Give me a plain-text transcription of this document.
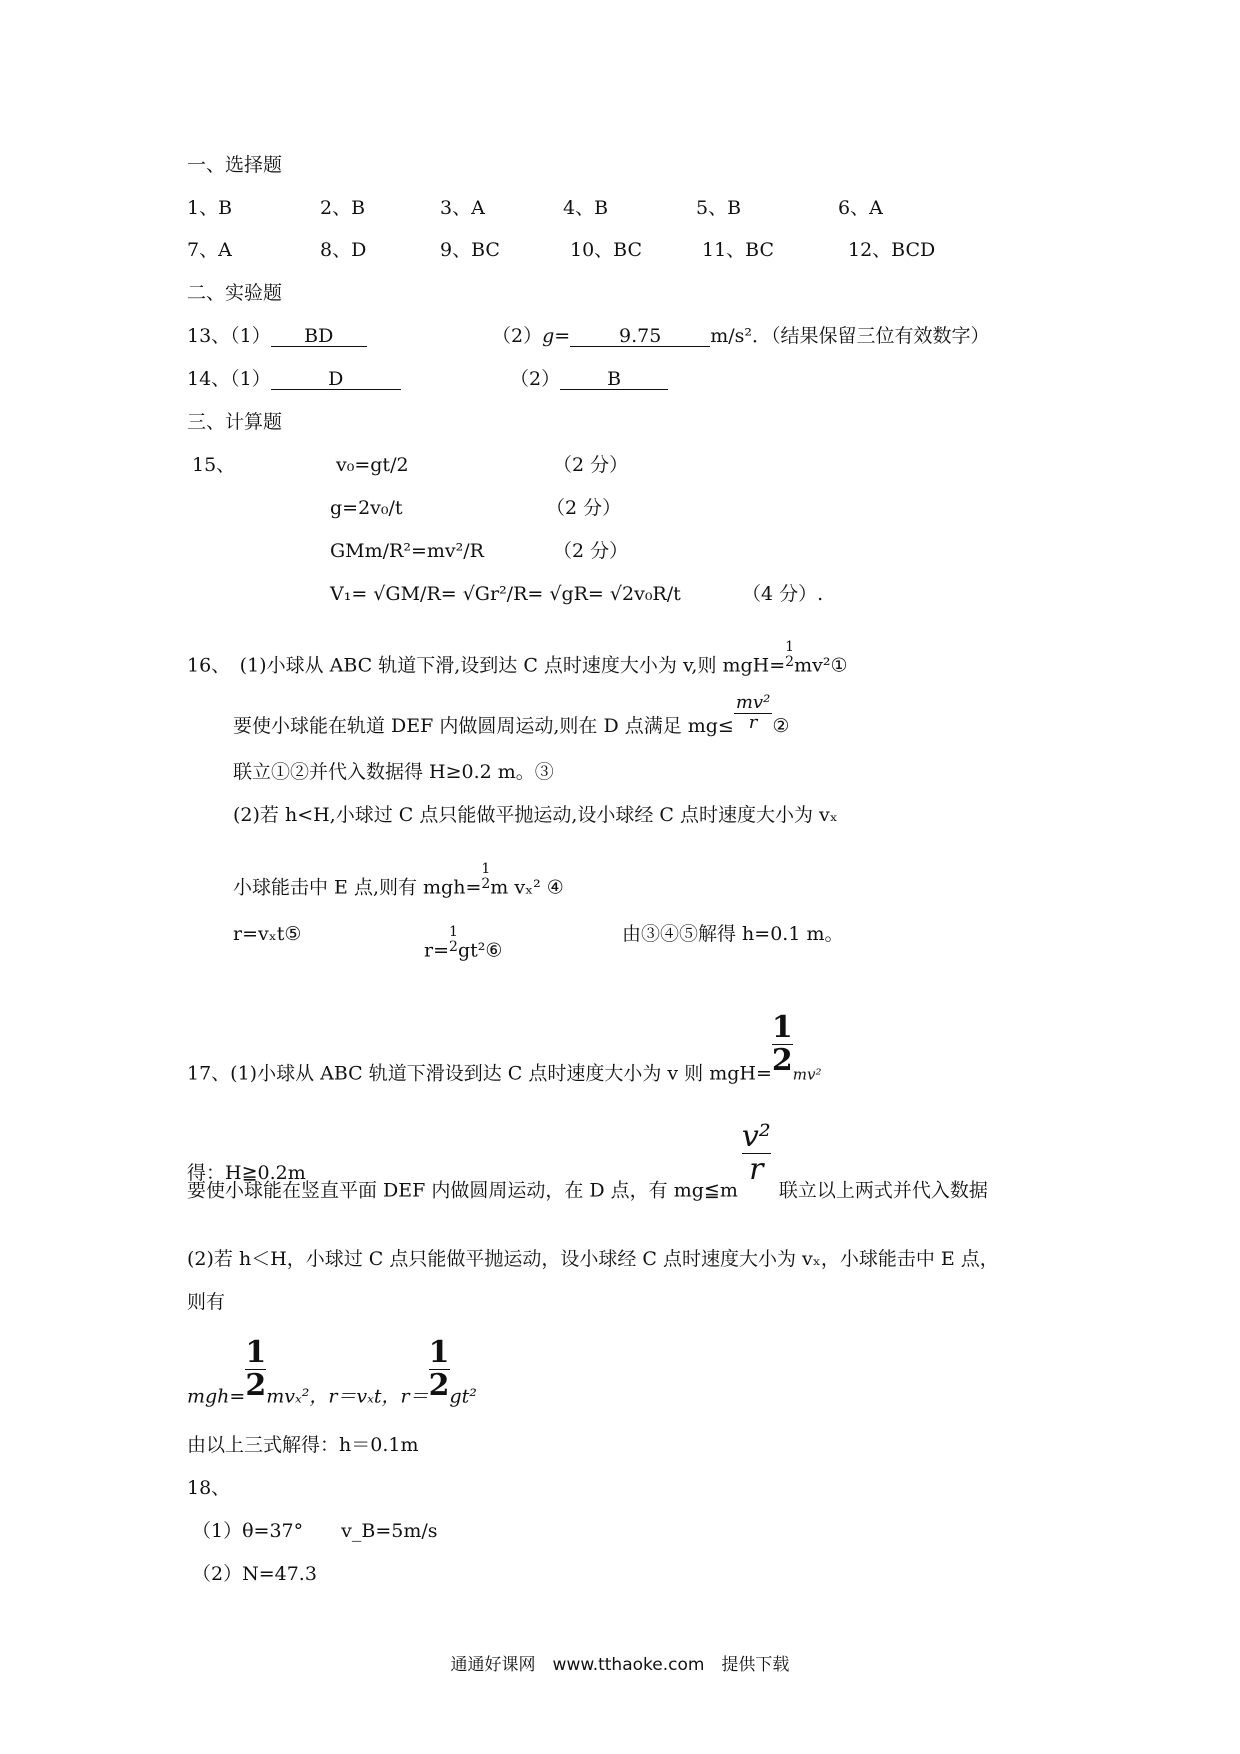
一、选择题
1、B	2、B	3、A	4、B	5、B	6、A
7、A	8、D	9、BC	10、BC	11、BC	12、BCD
二、实验题
13、（1） BD	（2）g=	9.75	m/s²．（结果保留三位有效数字）
14、（1）	D	（2） B
三、计算题
15、	v₀=gt/2	（2 分）
g=2v₀/t	（2 分）
GMm/R²=mv²/R	（2 分）
V₁= √GM/R= √Gr²/R= √gR= √2v₀R/t	（4 分）.
16、　(1)小球从 ABC 轨道下滑,设到达 C 点时速度大小为 v,则 mgH=
1
2 mv²①
要使小球能在轨道 DEF 内做圆周运动,则在 D 点满足 $mg\le \frac{\text{mv²}}{r}$ ②
联立①②并代入数据得 H≥0.2 m。③
(2)若 h<H,小球过 C 点只能做平抛运动,设小球经 C 点时速度大小为 vₓ
小球能击中 E 点,则有 mgh=
1
2 m vₓ² ④
r=vₓt⑤
r=
1
2 gt²⑥
由③④⑤解得 h=0.1 m。
17、(1)小球从 ABC 轨道下滑设到达 C 点时速度大小为 v 则 $mgH= \frac{1}{2} mv^2$
要使小球能在竖直平面 DEF 内做圆周运动，在 D 点，有 mg≦m
$\frac{\text{v²}}{r}$
联立以上两式并代入数据
得：H≧0.2m
(2)若 h＜H，小球过 C 点只能做平抛运动，设小球经 C 点时速度大小为 vₓ，小球能击中 E 点，
则有
$mgh= \frac{1}{2} mv_x^2$，r＝vₓt，$r= \frac{1}{2} gt^2$
由以上三式解得：h＝0.1m
18、
（1）θ=37°　　v_B=5m/s
（2）N=47.3
通通好课网　www.tthaoke.com　提供下载
